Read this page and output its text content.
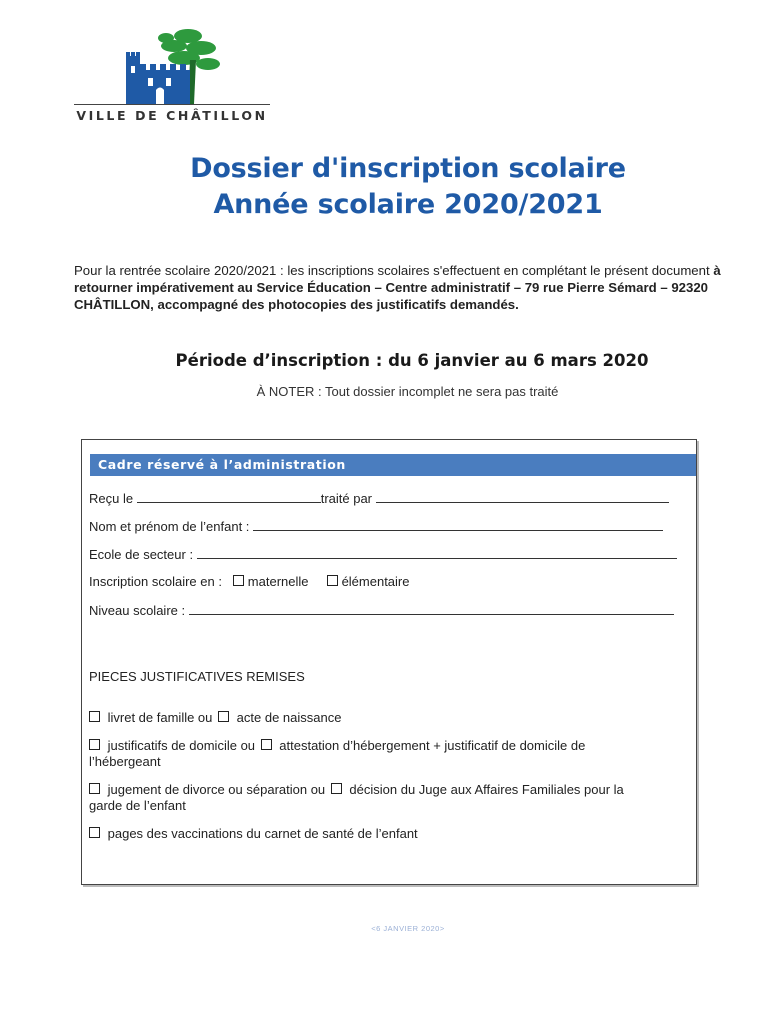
VILLE DE CHÂTILLON
Dossier d'inscription scolaire
Année scolaire 2020/2021
Pour la rentrée scolaire 2020/2021 : les inscriptions scolaires s'effectuent en complétant le présent document à retourner impérativement au Service Éducation – Centre administratif – 79 rue Pierre Sémard – 92320 CHÂTILLON, accompagné des photocopies des justificatifs demandés.
Période d’inscription : du 6 janvier au 6 mars 2020
À NOTER : Tout dossier incomplet ne sera pas traité
Cadre réservé à l’administration
Reçu le	traité par
Nom et prénom de l’enfant :
Ecole de secteur :
Inscription scolaire en : maternelle	élémentaire
Niveau scolaire :
PIECES JUSTIFICATIVES REMISES
livret de famille ou acte de naissance
justificatifs de domicile ou attestation d’hébergement + justificatif de domicile de
l’hébergeant
jugement de divorce ou séparation ou décision du Juge aux Affaires Familiales pour la
garde de l’enfant
pages des vaccinations du carnet de santé de l’enfant
<6 JANVIER 2020>
